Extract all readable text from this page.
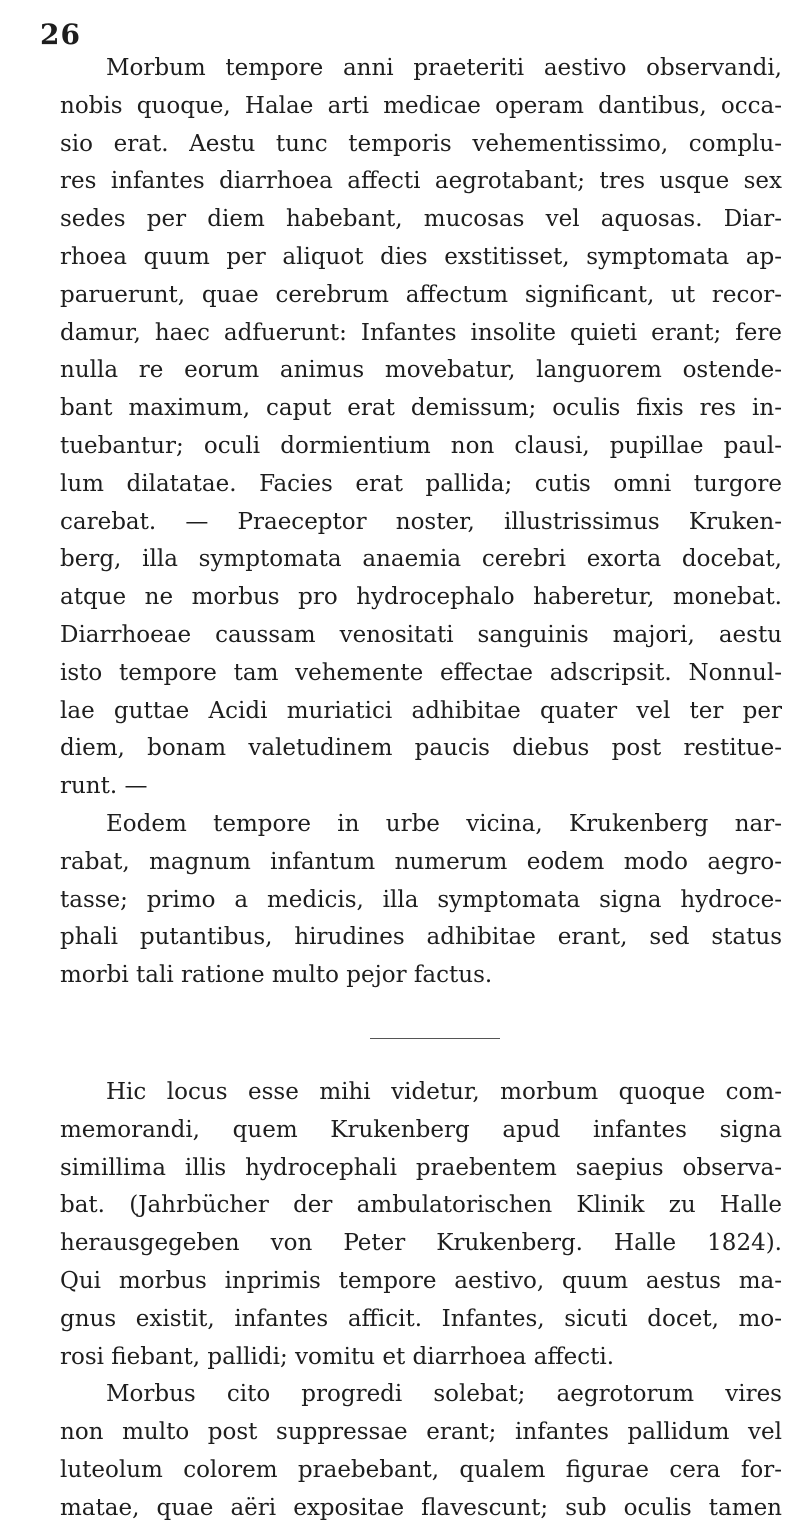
26
Morbum tempore anni praeteriti aestivo observandi,
nobis quoque, Halae arti medicae operam dantibus, occa-
sio erat. Aestu tunc temporis vehementissimo, complu-
res infantes diarrhoea affecti aegrotabant; tres usque sex
sedes per diem habebant, mucosas vel aquosas. Diar-
rhoea quum per aliquot dies exstitisset, symptomata ap-
paruerunt, quae cerebrum affectum significant, ut recor-
damur, haec adfuerunt: Infantes insolite quieti erant; fere
nulla re eorum animus movebatur, languorem ostende-
bant maximum, caput erat demissum; oculis fixis res in-
tuebantur; oculi dormientium non clausi, pupillae paul-
lum dilatatae. Facies erat pallida; cutis omni turgore
carebat. — Praeceptor noster, illustrissimus Kruken-
berg, illa symptomata anaemia cerebri exorta docebat,
atque ne morbus pro hydrocephalo haberetur, monebat.
Diarrhoeae caussam venositati sanguinis majori, aestu
isto tempore tam vehemente effectae adscripsit. Nonnul-
lae guttae Acidi muriatici adhibitae quater vel ter per
diem, bonam valetudinem paucis diebus post restitue-
runt. —
Eodem tempore in urbe vicina, Krukenberg nar-
rabat, magnum infantum numerum eodem modo aegro-
tasse; primo a medicis, illa symptomata signa hydroce-
phali putantibus, hirudines adhibitae erant, sed status
morbi tali ratione multo pejor factus.
Hic locus esse mihi videtur, morbum quoque com-
memorandi, quem Krukenberg apud infantes signa
simillima illis hydrocephali praebentem saepius observa-
bat. (Jahrbücher der ambulatorischen Klinik zu Halle
herausgegeben von Peter Krukenberg. Halle 1824).
Qui morbus inprimis tempore aestivo, quum aestus ma-
gnus existit, infantes afficit. Infantes, sicuti docet, mo-
rosi fiebant, pallidi; vomitu et diarrhoea affecti.
Morbus cito progredi solebat; aegrotorum vires
non multo post suppressae erant; infantes pallidum vel
luteolum colorem praebebant, qualem figurae cera for-
matae, quae aëri expositae flavescunt; sub oculis tamen
